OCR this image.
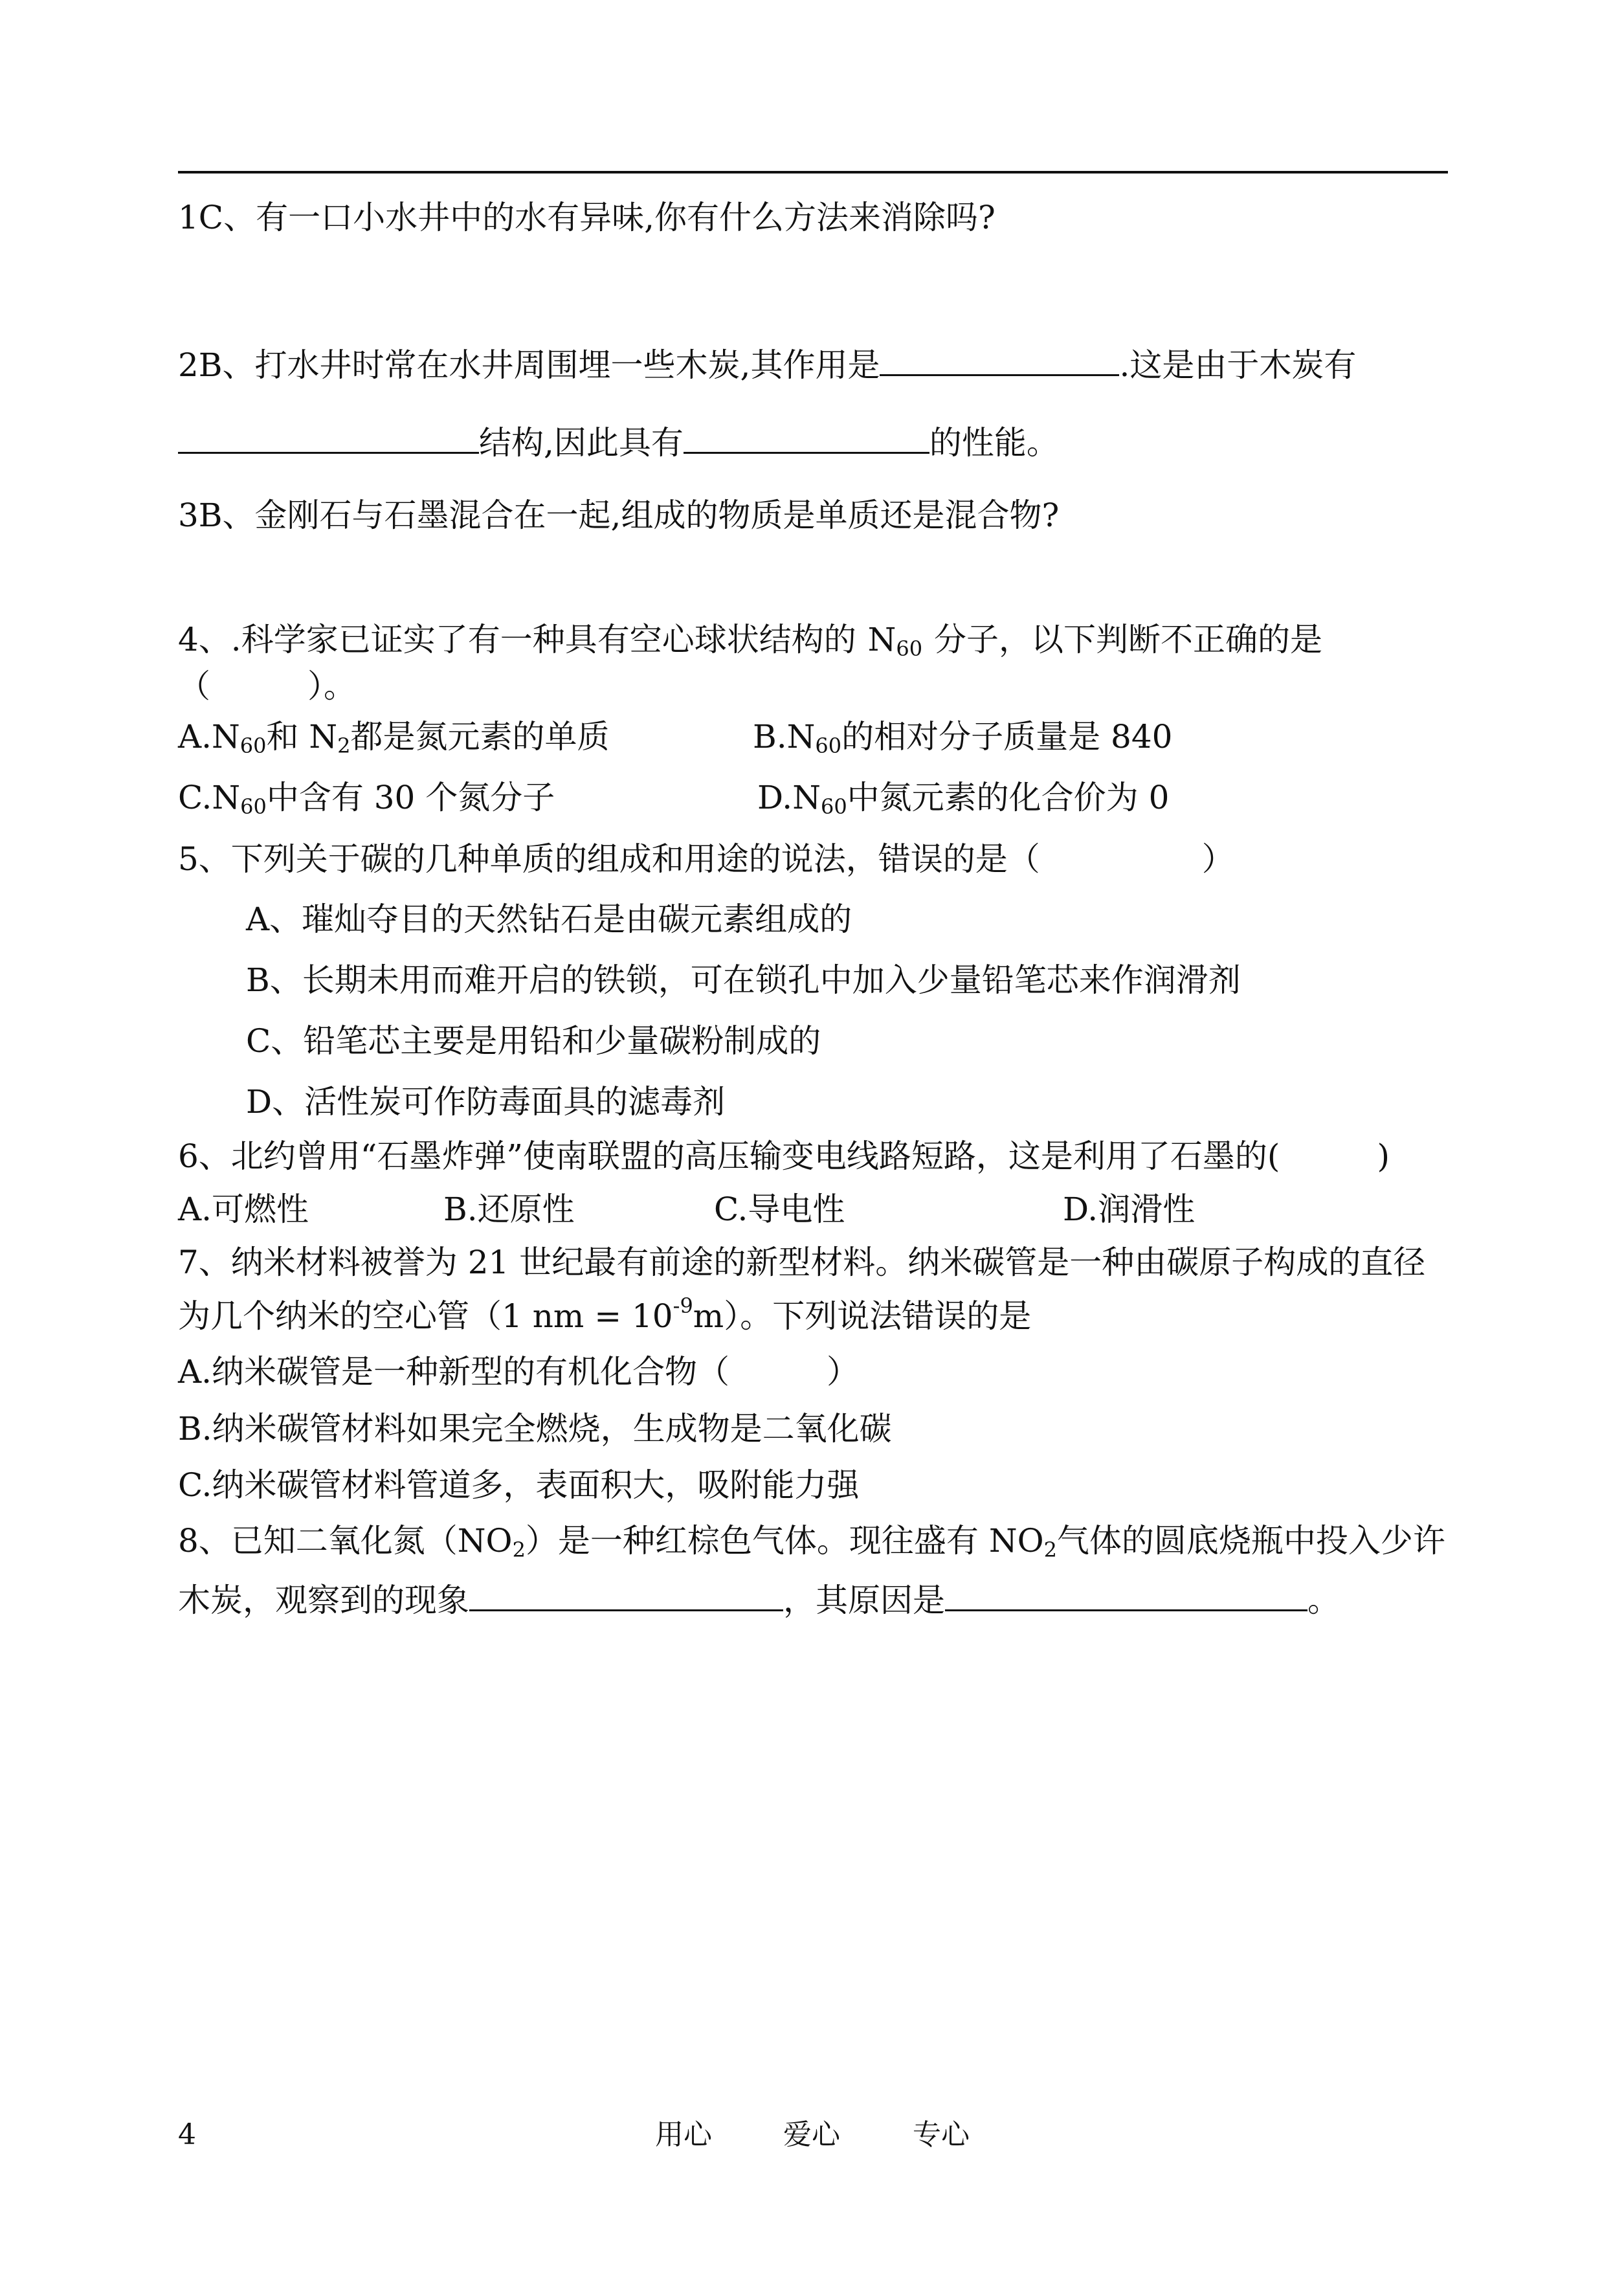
1C、有一口小水井中的水有异味,你有什么方法来消除吗?
2B、打水井时常在水井周围埋一些木炭,其作用是	.这是由于木炭有
结构,因此具有	的性能。
3B、金刚石与石墨混合在一起,组成的物质是单质还是混合物?
4、.科学家已证实了有一种具有空心球状结构的 $N_{60}$ 分子，以下判断不正确的是
（　　　）。
$A.N_{60}$和 $N_2$都是氮元素的单质	$B.N_{60}$的相对分子质量是 840
$C.N_{60}$中含有 30 个氮分子	$D.N_{60}$中氮元素的化合价为 0
5、下列关于碳的几种单质的组成和用途的说法，错误的是（　　　　　）
A、璀灿夺目的天然钻石是由碳元素组成的
B、长期未用而难开启的铁锁，可在锁孔中加入少量铅笔芯来作润滑剂
C、铅笔芯主要是用铅和少量碳粉制成的
D、活性炭可作防毒面具的滤毒剂
6、北约曾用“石墨炸弹”使南联盟的高压输变电线路短路，这是利用了石墨的(　　　)
A.可燃性	B.还原性	C.导电性	D.润滑性
7、纳米材料被誉为 21 世纪最有前途的新型材料。纳米碳管是一种由碳原子构成的直径
为几个纳米的空心管（1 nm = $10^{-9}m$）。下列说法错误的是
A.纳米碳管是一种新型的有机化合物（　　　）
B.纳米碳管材料如果完全燃烧，生成物是二氧化碳
C.纳米碳管材料管道多，表面积大，吸附能力强
8、已知二氧化氮$(NO_2)$是一种红棕色气体。现往盛有 $NO_2$气体的圆底烧瓶中投入少许
木炭，观察到的现象	，其原因是	。
4	用心	爱心	专心
